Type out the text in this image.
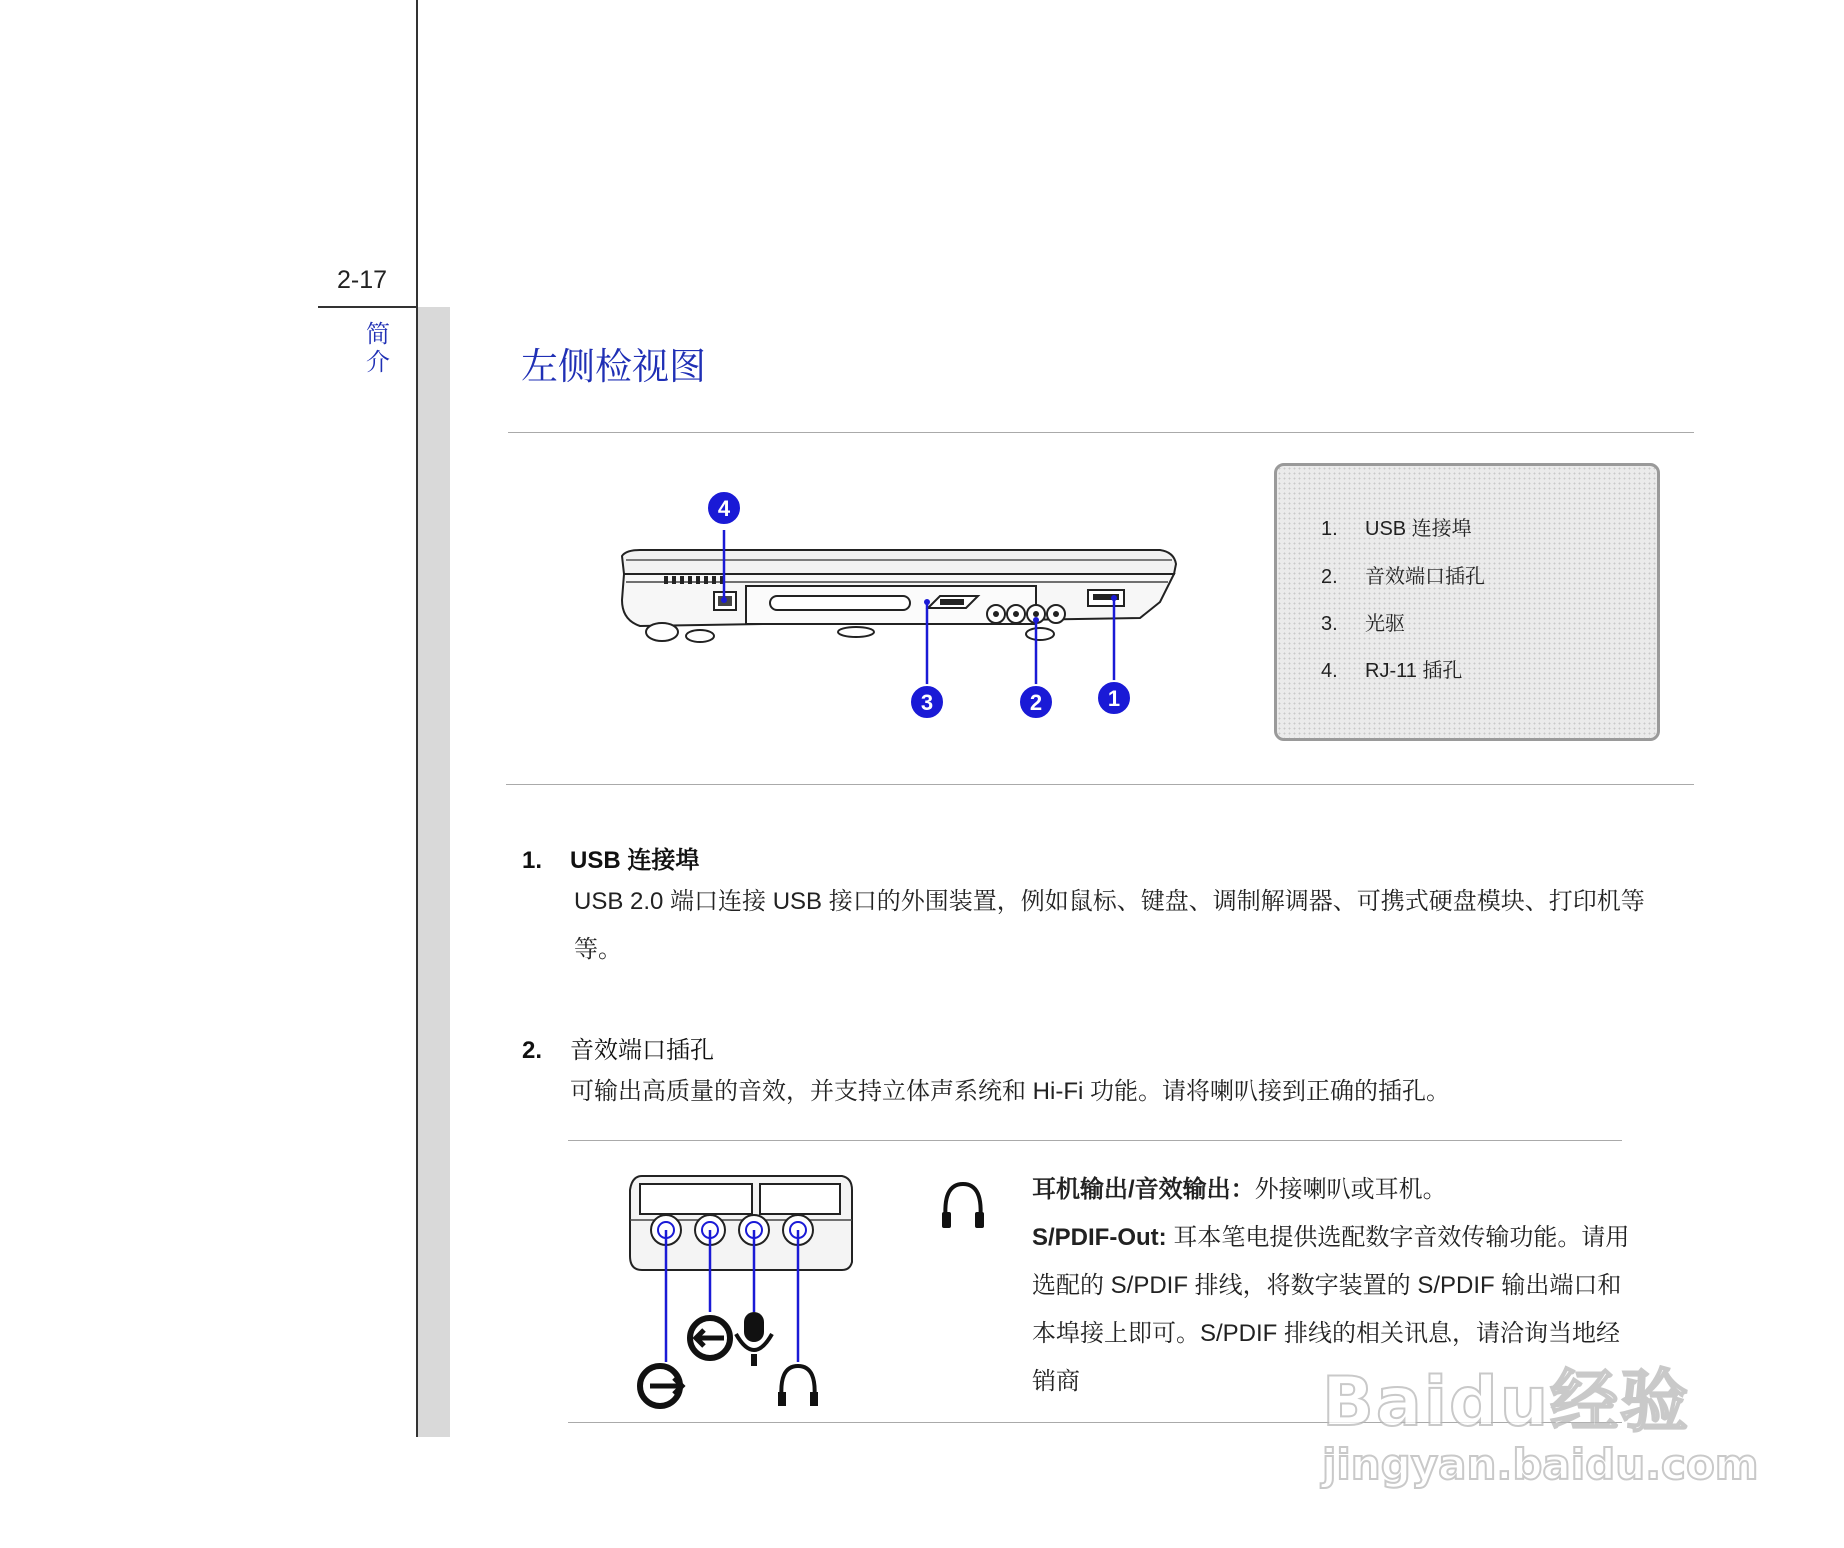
2-17
简介	左侧检视图
4
3	2	1
1. USB 连接埠
2. 音效端口插孔
3. 光驱
4. RJ-11 插孔
1. USB 连接埠
USB 2.0 端口连接 USB 接口的外围装置，例如鼠标、键盘、调制解调器、可携式硬盘模块、打印机等等。
2. 音效端口插孔
可输出高质量的音效，并支持立体声系统和 Hi-Fi 功能。请将喇叭接到正确的插孔。
耳机输出/音效输出：外接喇叭或耳机。
S/PDIF-Out: 耳本笔电提供选配数字音效传输功能。请用选配的 S/PDIF 排线，将数字装置的 S/PDIF 输出端口和本埠接上即可。S/PDIF 排线的相关讯息，请洽询当地经销商	Baidu经验
jingyan.baidu.com
